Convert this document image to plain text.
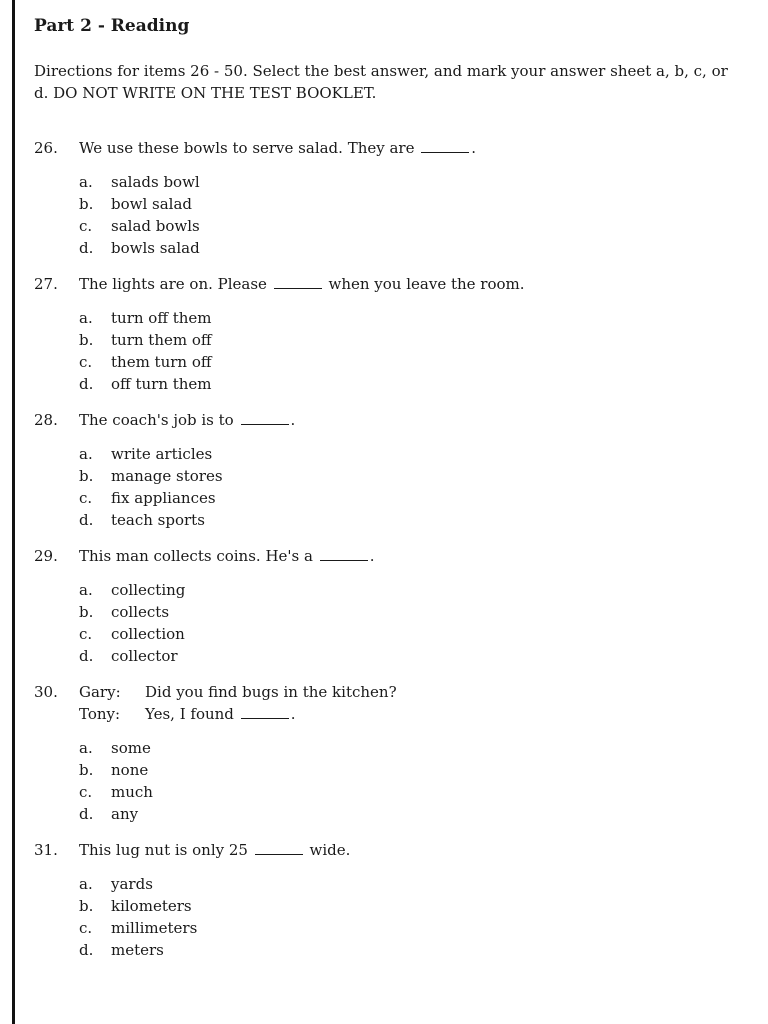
Part 2 - Reading
Directions for items 26 - 50. Select the best answer, and mark your answer sheet a, b, c, or d. DO NOT WRITE ON THE TEST BOOKLET.
26.	We use these bowls to serve salad. They are	.
a.	salads bowl
b.	bowl salad
c.	salad bowls
d.	bowls salad
27.	The lights are on. Please	when you leave the room.
a.	turn off them
b.	turn them off
c.	them turn off
d.	off turn them
28.	The coach's job is to	.
a.	write articles
b.	manage stores
c.	fix appliances
d.	teach sports
29.	This man collects coins. He's a	.
a.	collecting
b.	collects
c.	collection
d.	collector
30.	Gary:	Did you find bugs in the kitchen?
Tony:	Yes, I found	.
a.	some
b.	none
c.	much
d.	any
31.	This lug nut is only 25	wide.
a.	yards
b.	kilometers
c.	millimeters
d.	meters
